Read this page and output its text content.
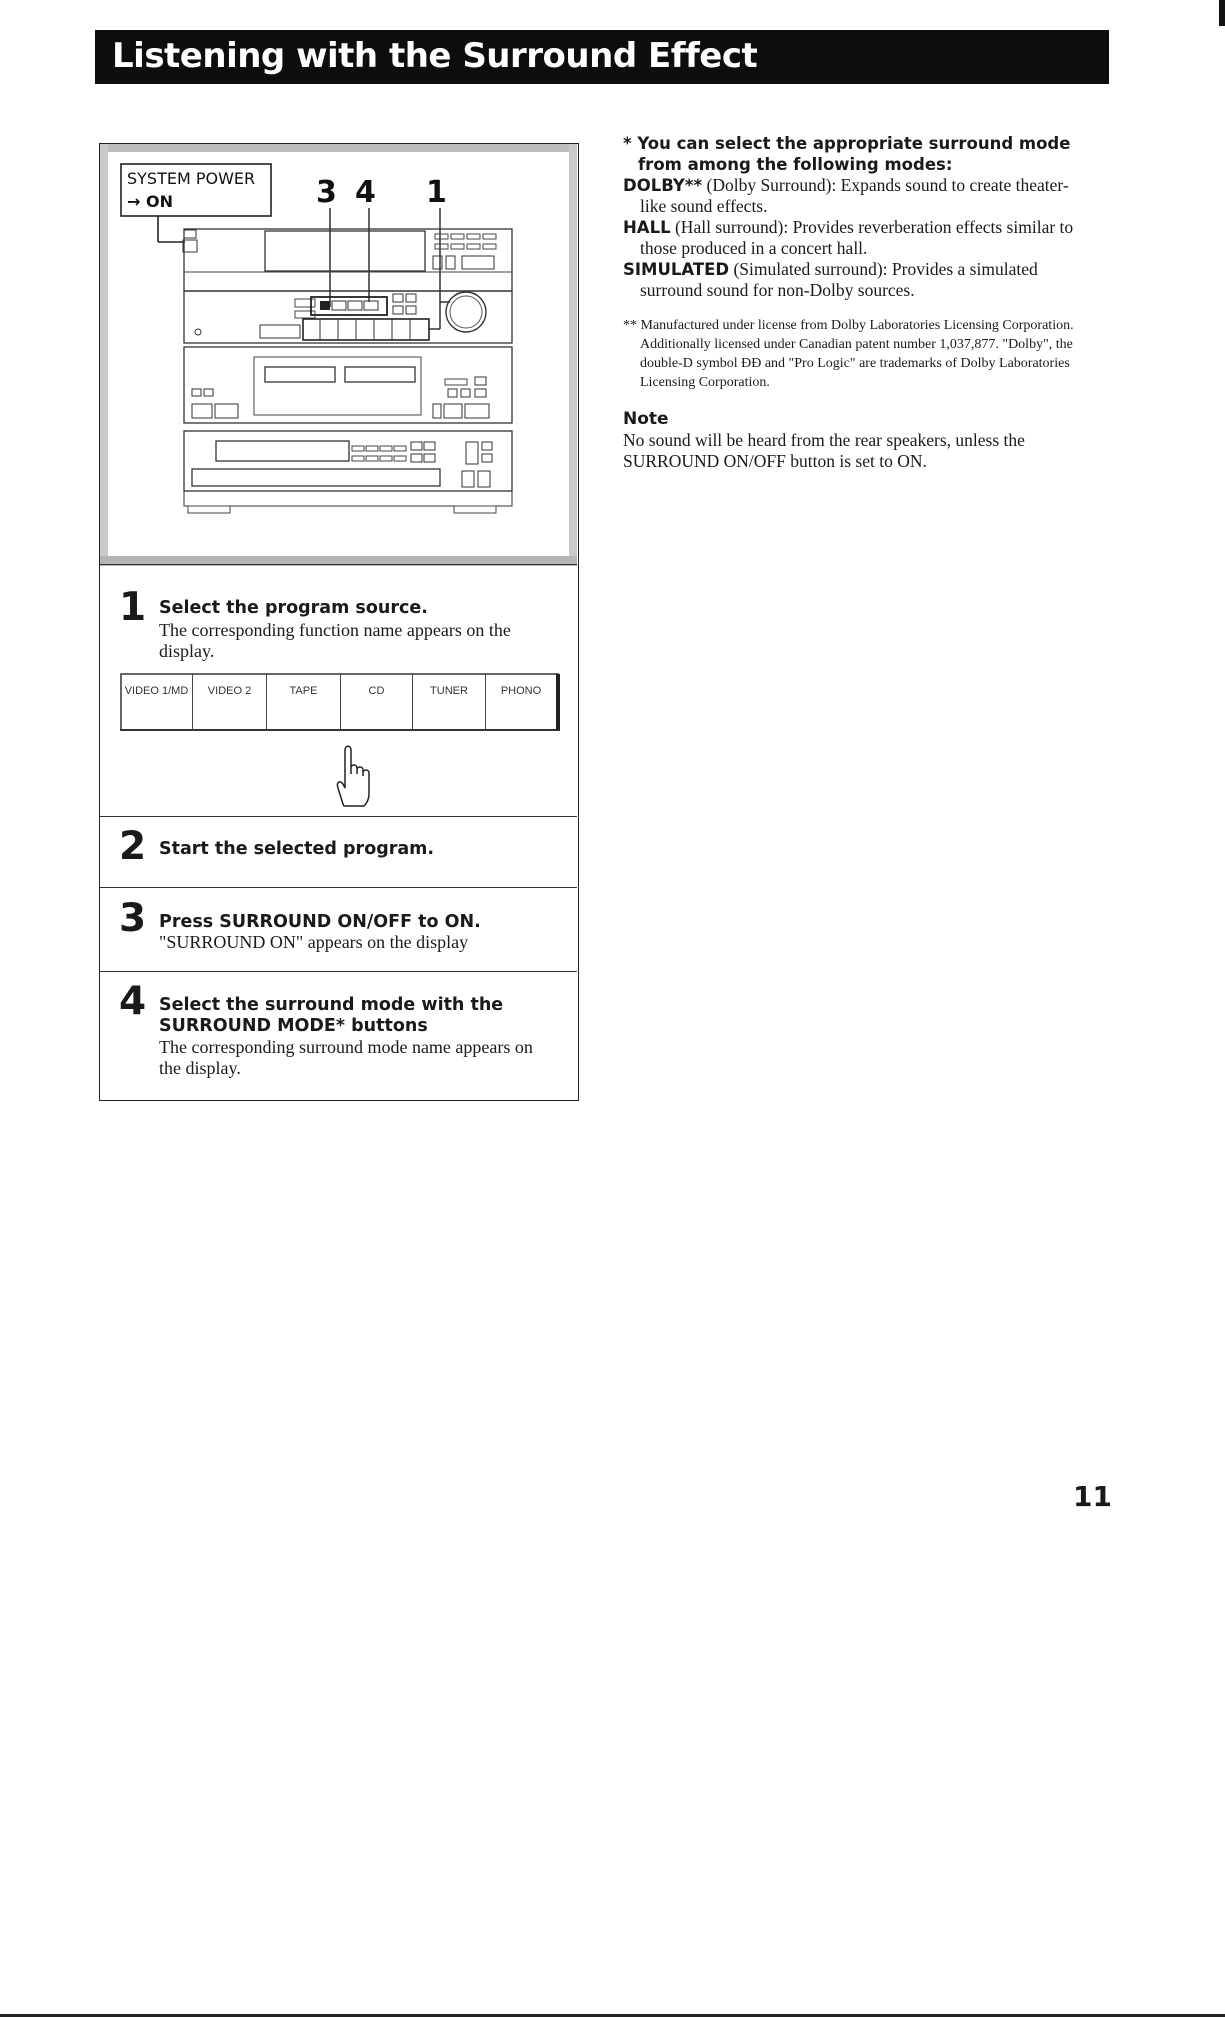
Listening with the Surround Effect
SYSTEM POWER
→ ON	3 4 1
1 Select the program source.
The corresponding function name appears on the display.
VIDEO 1/MD	VIDEO 2	TAPE	CD	TUNER	PHONO
2 Start the selected program.
3 Press SURROUND ON/OFF to ON.
"SURROUND ON" appears on the display
4 Select the surround mode with the
SURROUND MODE* buttons
The corresponding surround mode name appears on the display.
* You can select the appropriate surround mode from among the following modes:
DOLBY** (Dolby Surround): Expands sound to create theater-like sound effects.
HALL (Hall surround): Provides reverberation effects similar to those produced in a concert hall.
SIMULATED (Simulated surround): Provides a simulated surround sound for non-Dolby sources.
** Manufactured under license from Dolby Laboratories Licensing Corporation. Additionally licensed under Canadian patent number 1,037,877. "Dolby", the double-D symbol ĐĐ and "Pro Logic" are trademarks of Dolby Laboratories Licensing Corporation.
Note
No sound will be heard from the rear speakers, unless the SURROUND ON/OFF button is set to ON.
11
